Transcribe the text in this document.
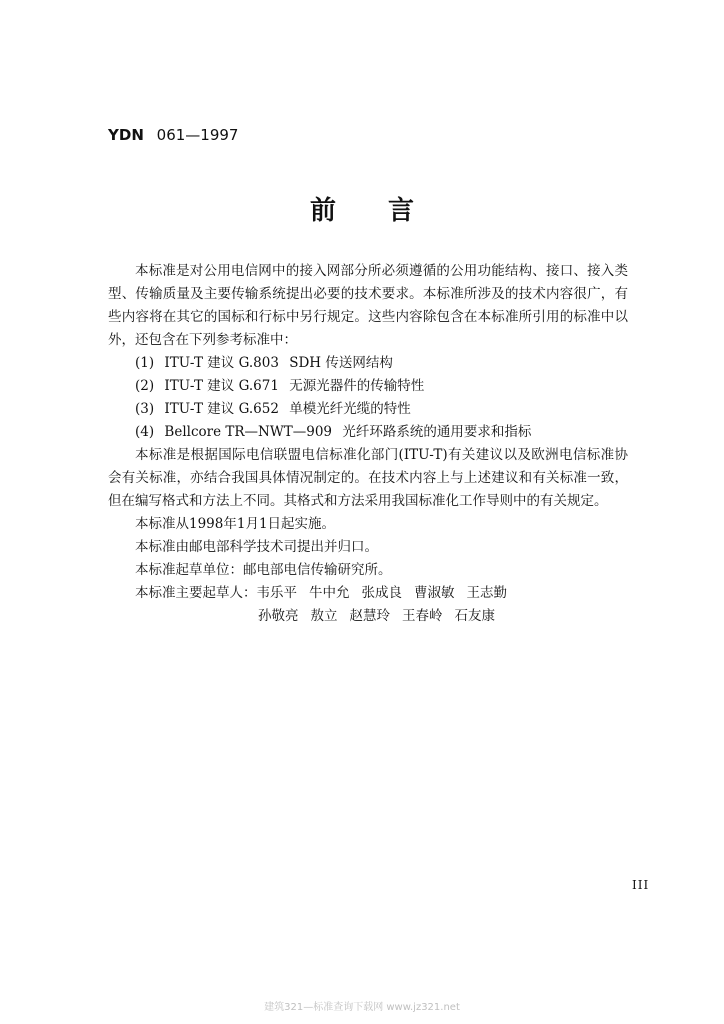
YDN 061—1997
前言

本标准是对公用电信网中的接入网部分所必须遵循的公用功能结构、接口、接入类型、传输质量及主要传输系统提出必要的技术要求。本标准所涉及的技术内容很广，有些内容将在其它的国标和行标中另行规定。这些内容除包含在本标准所引用的标准中以外，还包含在下列参考标准中：

(1) ITU-T 建议 G.803 SDH 传送网结构
(2) ITU-T 建议 G.671 无源光器件的传输特性
(3) ITU-T 建议 G.652 单模光纤光缆的特性
(4) Bellcore TR—NWT—909 光纤环路系统的通用要求和指标

本标准是根据国际电信联盟电信标准化部门(ITU-T)有关建议以及欧洲电信标准协会有关标准，亦结合我国具体情况制定的。在技术内容上与上述建议和有关标准一致，但在编写格式和方法上不同。其格式和方法采用我国标准化工作导则中的有关规定。

本标准从1998年1月1日起实施。

本标准由邮电部科学技术司提出并归口。

本标准起草单位：邮电部电信传输研究所。

本标准主要起草人：韦乐平 牛中允 张成良 曹淑敏 王志勤
孙敬亮 敖立 赵慧玲 王春岭 石友康
III
建筑321—标准查询下载网 www.jz321.net
